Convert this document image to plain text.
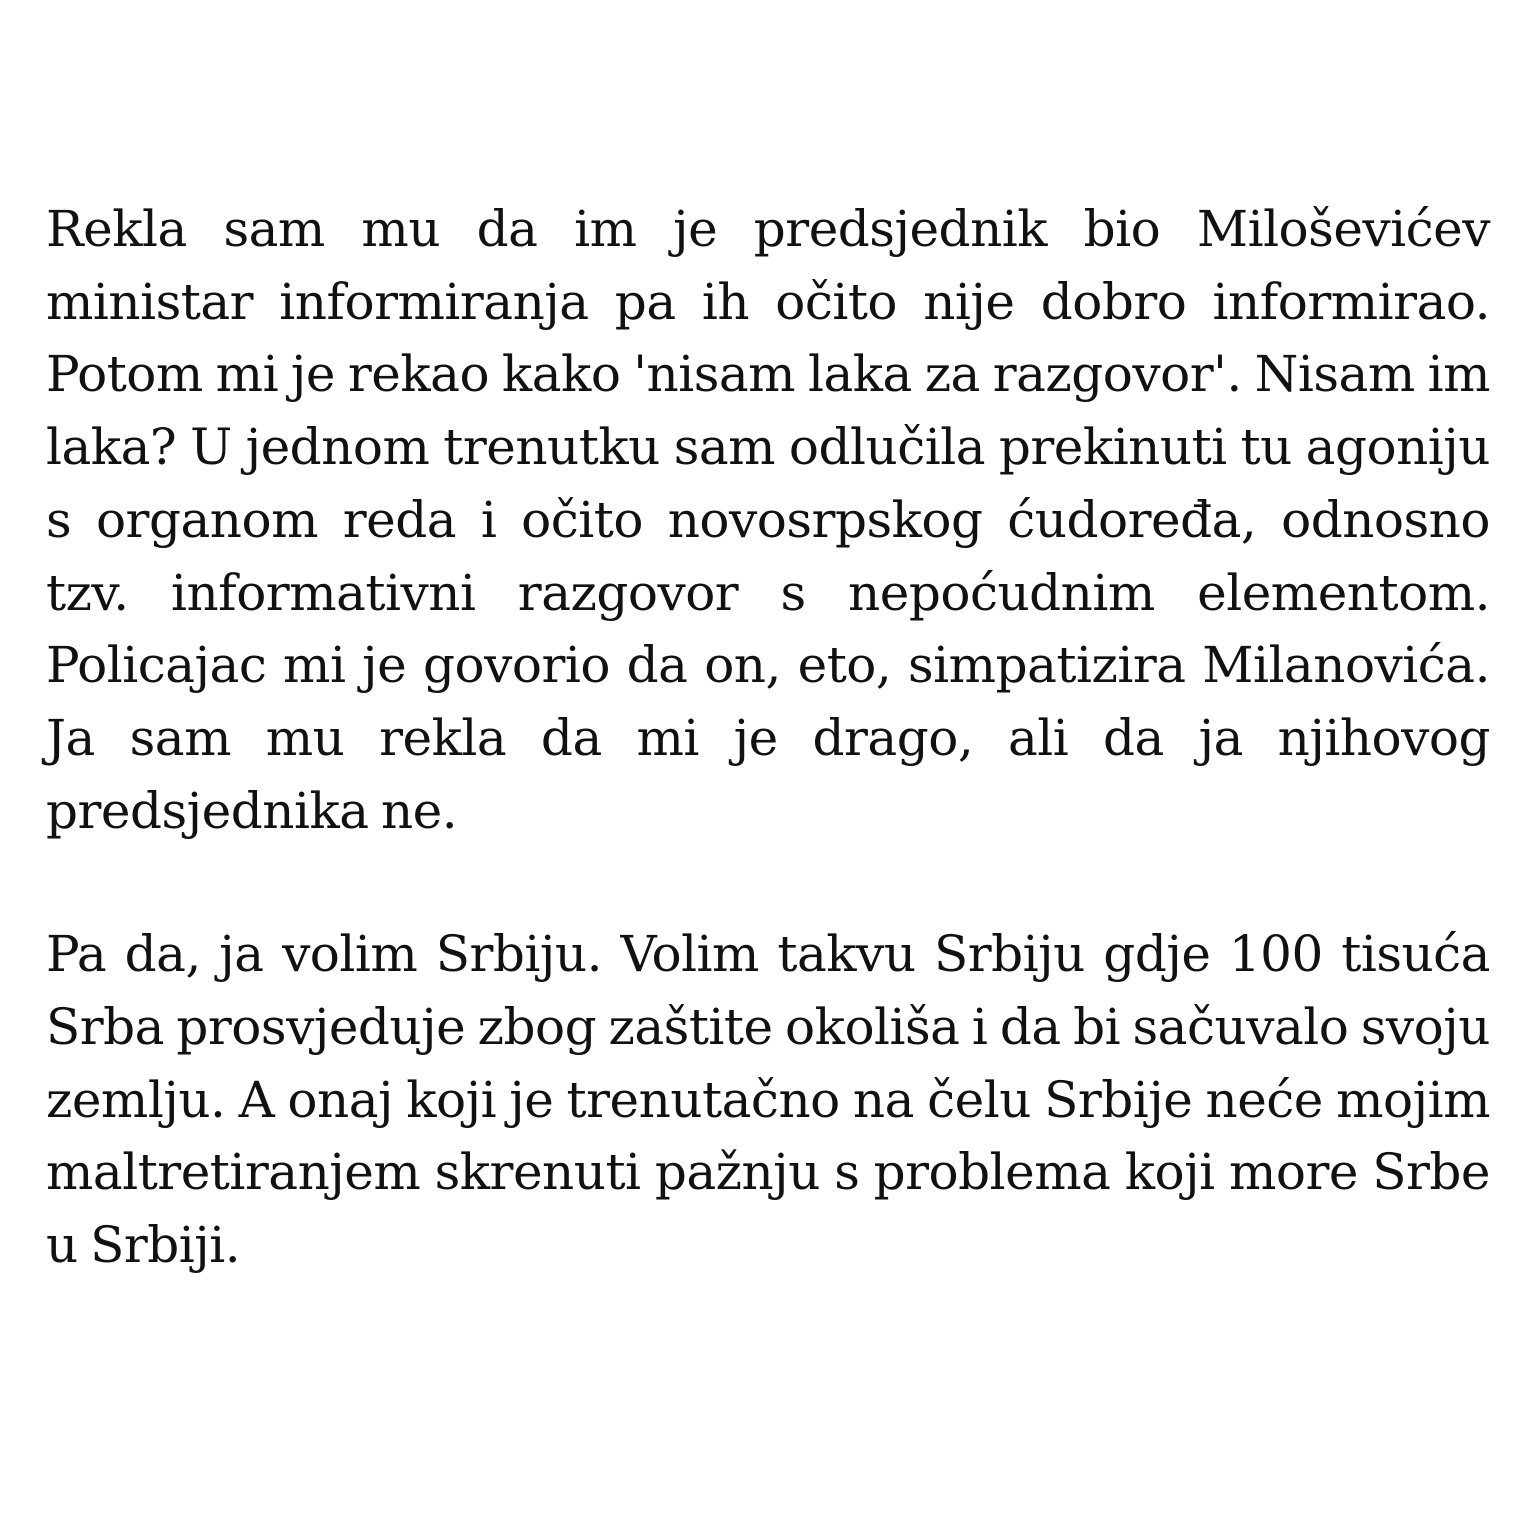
Rekla sam mu da im je predsjednik bio Miloševićev ministar informiranja pa ih očito nije dobro informirao. Potom mi je rekao kako 'nisam laka za razgovor'. Nisam im laka? U jednom trenutku sam odlučila prekinuti tu agoniju s organom reda i očito novosrpskog ćudoređa, odnosno tzv. informativni razgovor s nepoćudnim elementom. Policajac mi je govorio da on, eto, simpatizira Milanovića. Ja sam mu rekla da mi je drago, ali da ja njihovog predsjednika ne.

Pa da, ja volim Srbiju. Volim takvu Srbiju gdje 100 tisuća Srba prosvjeduje zbog zaštite okoliša i da bi sačuvalo svoju zemlju. A onaj koji je trenutačno na čelu Srbije neće mojim maltretiranjem skrenuti pažnju s problema koji more Srbe u Srbiji.
